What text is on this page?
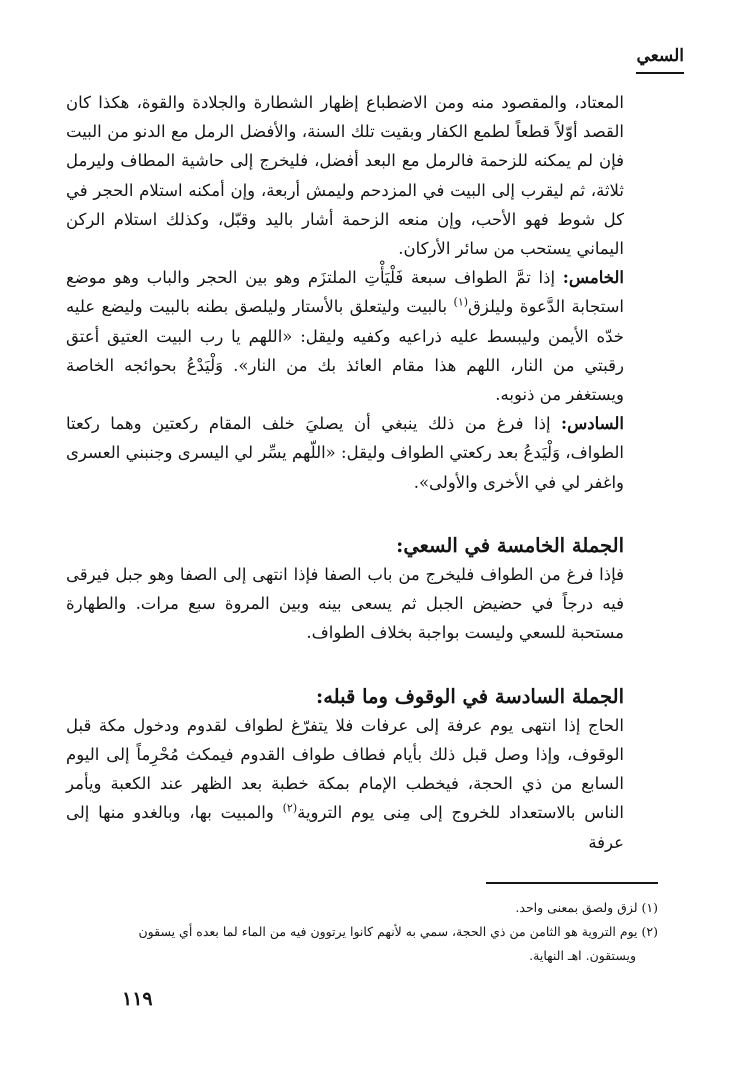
السعي

المعتاد، والمقصود منه ومن الاضطباع إظهار الشطارة والجلادة والقوة، هكذا كان القصد أوّلاً قطعاً لطمع الكفار وبقيت تلك السنة، والأفضل الرمل مع الدنو من البيت فإن لم يمكنه للزحمة فالرمل مع البعد أفضل، فليخرج إلى حاشية المطاف وليرمل ثلاثة، ثم ليقرب إلى البيت في المزدحم وليمش أربعة، وإن أمكنه استلام الحجر في كل شوط فهو الأحب، وإن منعه الزحمة أشار باليد وقبّل، وكذلك استلام الركن اليماني يستحب من سائر الأركان.

الخامس: إذا تمَّ الطواف سبعة فَلْيَأْتِ الملتزَم وهو بين الحجر والباب وهو موضع استجابة الدَّعوة وليلزق$^{(١)}$ بالبيت وليتعلق بالأستار وليلصق بطنه بالبيت وليضع عليه خدّه الأيمن وليبسط عليه ذراعيه وكفيه وليقل: «اللهم يا رب البيت العتيق أعتق رقبتي من النار، اللهم هذا مقام العائذ بك من النار». وَلْيَدْعُ بحوائجه الخاصة ويستغفر من ذنوبه.

السادس: إذا فرغ من ذلك ينبغي أن يصليَ خلف المقام ركعتين وهما ركعتا الطواف، وَلْيَدعُ بعد ركعتي الطواف وليقل: «اللّهم يسِّر لي اليسرى وجنبني العسرى واغفر لي في الأخرى والأولى».

الجملة الخامسة في السعي:

فإذا فرغ من الطواف فليخرج من باب الصفا فإذا انتهى إلى الصفا وهو جبل فيرقى فيه درجاً في حضيض الجبل ثم يسعى بينه وبين المروة سبع مرات. والطهارة مستحبة للسعي وليست بواجبة بخلاف الطواف.

الجملة السادسة في الوقوف وما قبله:

الحاج إذا انتهى يوم عرفة إلى عرفات فلا يتفرّغ لطواف لقدوم ودخول مكة قبل الوقوف، وإذا وصل قبل ذلك بأيام فطاف طواف القدوم فيمكث مُحْرِماً إلى اليوم السابع من ذي الحجة، فيخطب الإمام بمكة خطبة بعد الظهر عند الكعبة ويأمر الناس بالاستعداد للخروج إلى مِنى يوم التروية$^{(٢)}$ والمبيت بها، وبالغدو منها إلى عرفة

(١) لزق ولصق بمعنى واحد.

(٢) يوم التروية هو الثامن من ذي الحجة، سمي به لأنهم كانوا يرتوون فيه من الماء لما بعده أي يسقون

ويستقون. اهـ النهاية.

١١٩
